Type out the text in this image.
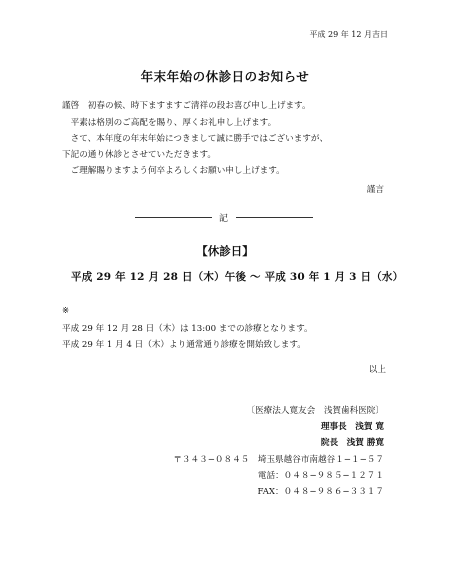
平成 29 年 12 月吉日
年末年始の休診日のお知らせ
謹啓　初春の候、時下ますますご清祥の段お喜び申し上げます。
　平素は格別のご高配を賜り、厚くお礼申し上げます。
　さて、本年度の年末年始につきまして誠に勝手ではございますが、
下記の通り休診とさせていただきます。
　ご理解賜りますよう何卒よろしくお願い申し上げます。
謹言
記
【休診日】
平成 29 年 12 月 28 日（木）午後 〜 平成 30 年 1 月 3 日（水）
※
平成 29 年 12 月 28 日（木）は 13:00 までの診療となります。
平成 29 年 1 月 4 日（木）より通常通り診療を開始致します。
以上
〔医療法人寛友会　浅賀歯科医院〕
理事長　浅賀 寛
院長　浅賀 勝寛
〒３４３−０８４５　埼玉県越谷市南越谷１−１−５７
電話：０４８−９８５−１２７１
FAX：０４８−９８６−３３１７
